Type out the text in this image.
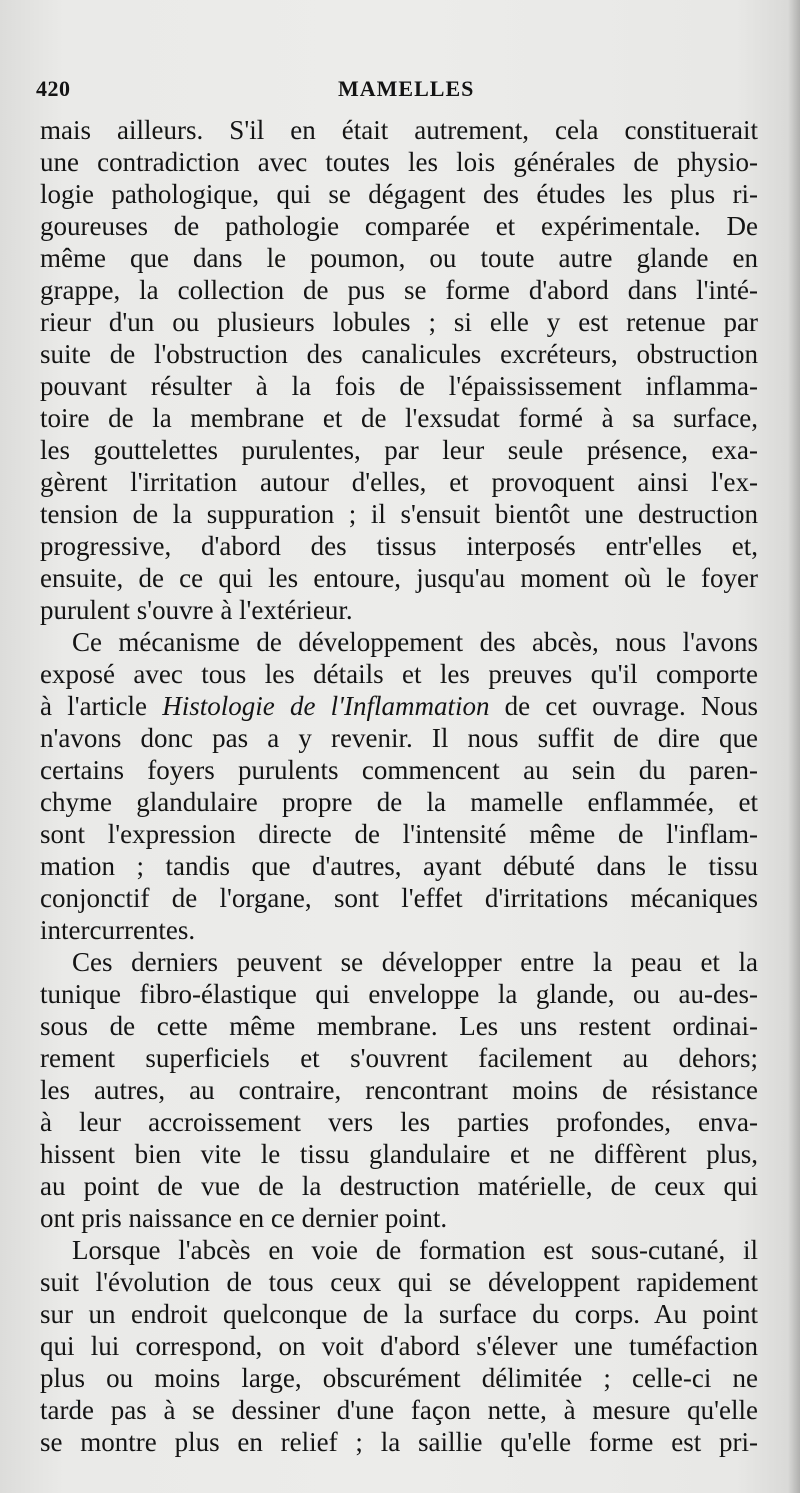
420	MAMELLES
mais ailleurs. S'il en était autrement, cela constituerait
une contradiction avec toutes les lois générales de physio-
logie pathologique, qui se dégagent des études les plus ri-
goureuses de pathologie comparée et expérimentale. De
même que dans le poumon, ou toute autre glande en
grappe, la collection de pus se forme d'abord dans l'inté-
rieur d'un ou plusieurs lobules ; si elle y est retenue par
suite de l'obstruction des canalicules excréteurs, obstruction
pouvant résulter à la fois de l'épaississement inflamma-
toire de la membrane et de l'exsudat formé à sa surface,
les gouttelettes purulentes, par leur seule présence, exa-
gèrent l'irritation autour d'elles, et provoquent ainsi l'ex-
tension de la suppuration ; il s'ensuit bientôt une destruction
progressive, d'abord des tissus interposés entr'elles et,
ensuite, de ce qui les entoure, jusqu'au moment où le foyer
purulent s'ouvre à l'extérieur.
Ce mécanisme de développement des abcès, nous l'avons
exposé avec tous les détails et les preuves qu'il comporte
à l'article Histologie de l'Inflammation de cet ouvrage. Nous
n'avons donc pas a y revenir. Il nous suffit de dire que
certains foyers purulents commencent au sein du paren-
chyme glandulaire propre de la mamelle enflammée, et
sont l'expression directe de l'intensité même de l'inflam-
mation ; tandis que d'autres, ayant débuté dans le tissu
conjonctif de l'organe, sont l'effet d'irritations mécaniques
intercurrentes.
Ces derniers peuvent se développer entre la peau et la
tunique fibro-élastique qui enveloppe la glande, ou au-des-
sous de cette même membrane. Les uns restent ordinai-
rement superficiels et s'ouvrent facilement au dehors;
les autres, au contraire, rencontrant moins de résistance
à leur accroissement vers les parties profondes, enva-
hissent bien vite le tissu glandulaire et ne diffèrent plus,
au point de vue de la destruction matérielle, de ceux qui
ont pris naissance en ce dernier point.
Lorsque l'abcès en voie de formation est sous-cutané, il
suit l'évolution de tous ceux qui se développent rapidement
sur un endroit quelconque de la surface du corps. Au point
qui lui correspond, on voit d'abord s'élever une tuméfaction
plus ou moins large, obscurément délimitée ; celle-ci ne
tarde pas à se dessiner d'une façon nette, à mesure qu'elle
se montre plus en relief ; la saillie qu'elle forme est pri-
